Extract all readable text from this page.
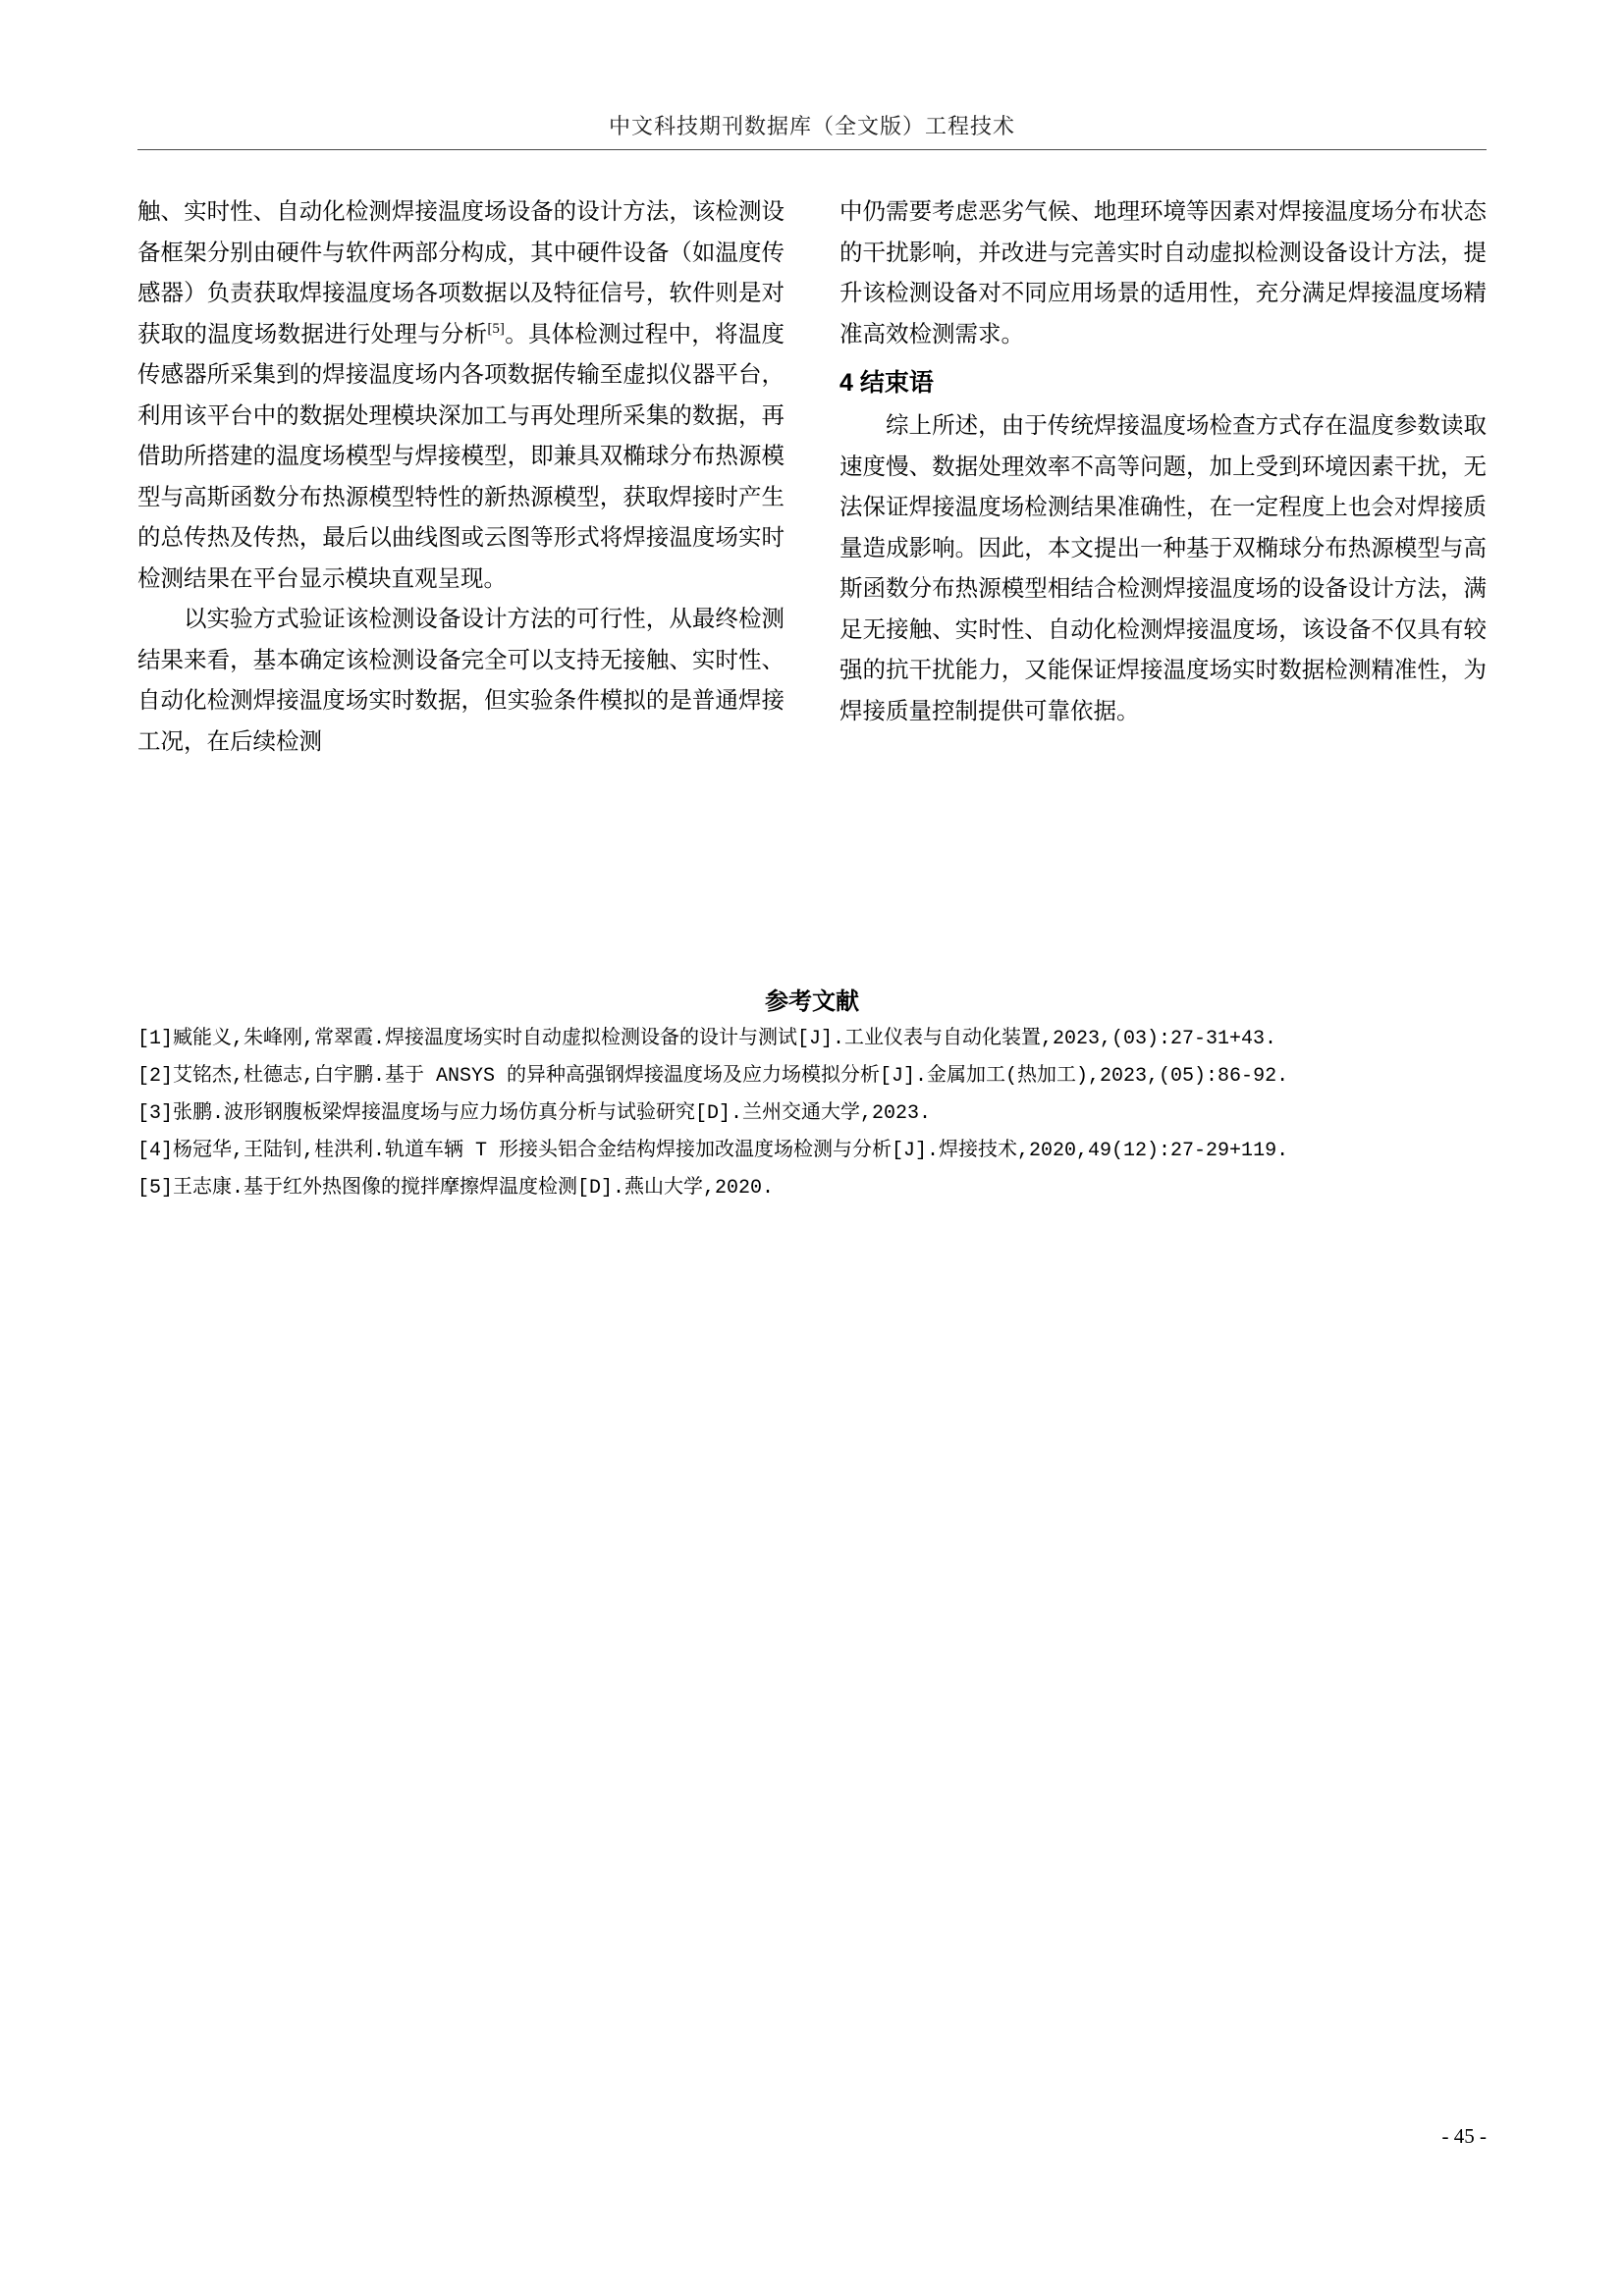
中文科技期刊数据库（全文版）工程技术

触、实时性、自动化检测焊接温度场设备的设计方法，该检测设备框架分别由硬件与软件两部分构成，其中硬件设备（如温度传感器）负责获取焊接温度场各项数据以及特征信号，软件则是对获取的温度场数据进行处理与分析[5]。具体检测过程中，将温度传感器所采集到的焊接温度场内各项数据传输至虚拟仪器平台，利用该平台中的数据处理模块深加工与再处理所采集的数据，再借助所搭建的温度场模型与焊接模型，即兼具双椭球分布热源模型与高斯函数分布热源模型特性的新热源模型，获取焊接时产生的总传热及传热，最后以曲线图或云图等形式将焊接温度场实时检测结果在平台显示模块直观呈现。

以实验方式验证该检测设备设计方法的可行性，从最终检测结果来看，基本确定该检测设备完全可以支持无接触、实时性、自动化检测焊接温度场实时数据，但实验条件模拟的是普通焊接工况，在后续检测

中仍需要考虑恶劣气候、地理环境等因素对焊接温度场分布状态的干扰影响，并改进与完善实时自动虚拟检测设备设计方法，提升该检测设备对不同应用场景的适用性，充分满足焊接温度场精准高效检测需求。

4 结束语

综上所述，由于传统焊接温度场检查方式存在温度参数读取速度慢、数据处理效率不高等问题，加上受到环境因素干扰，无法保证焊接温度场检测结果准确性，在一定程度上也会对焊接质量造成影响。因此，本文提出一种基于双椭球分布热源模型与高斯函数分布热源模型相结合检测焊接温度场的设备设计方法，满足无接触、实时性、自动化检测焊接温度场，该设备不仅具有较强的抗干扰能力，又能保证焊接温度场实时数据检测精准性，为焊接质量控制提供可靠依据。

参考文献

[1]臧能义,朱峰刚,常翠霞.焊接温度场实时自动虚拟检测设备的设计与测试[J].工业仪表与自动化装置,2023,(03):27-31+43.

[2]艾铭杰,杜德志,白宇鹏.基于 ANSYS 的异种高强钢焊接温度场及应力场模拟分析[J].金属加工(热加工),2023,(05):86-92.

[3]张鹏.波形钢腹板梁焊接温度场与应力场仿真分析与试验研究[D].兰州交通大学,2023.

[4]杨冠华,王陆钊,桂洪利.轨道车辆 T 形接头铝合金结构焊接加改温度场检测与分析[J].焊接技术,2020,49(12):27-29+119.

[5]王志康.基于红外热图像的搅拌摩擦焊温度检测[D].燕山大学,2020.

- 45 -
